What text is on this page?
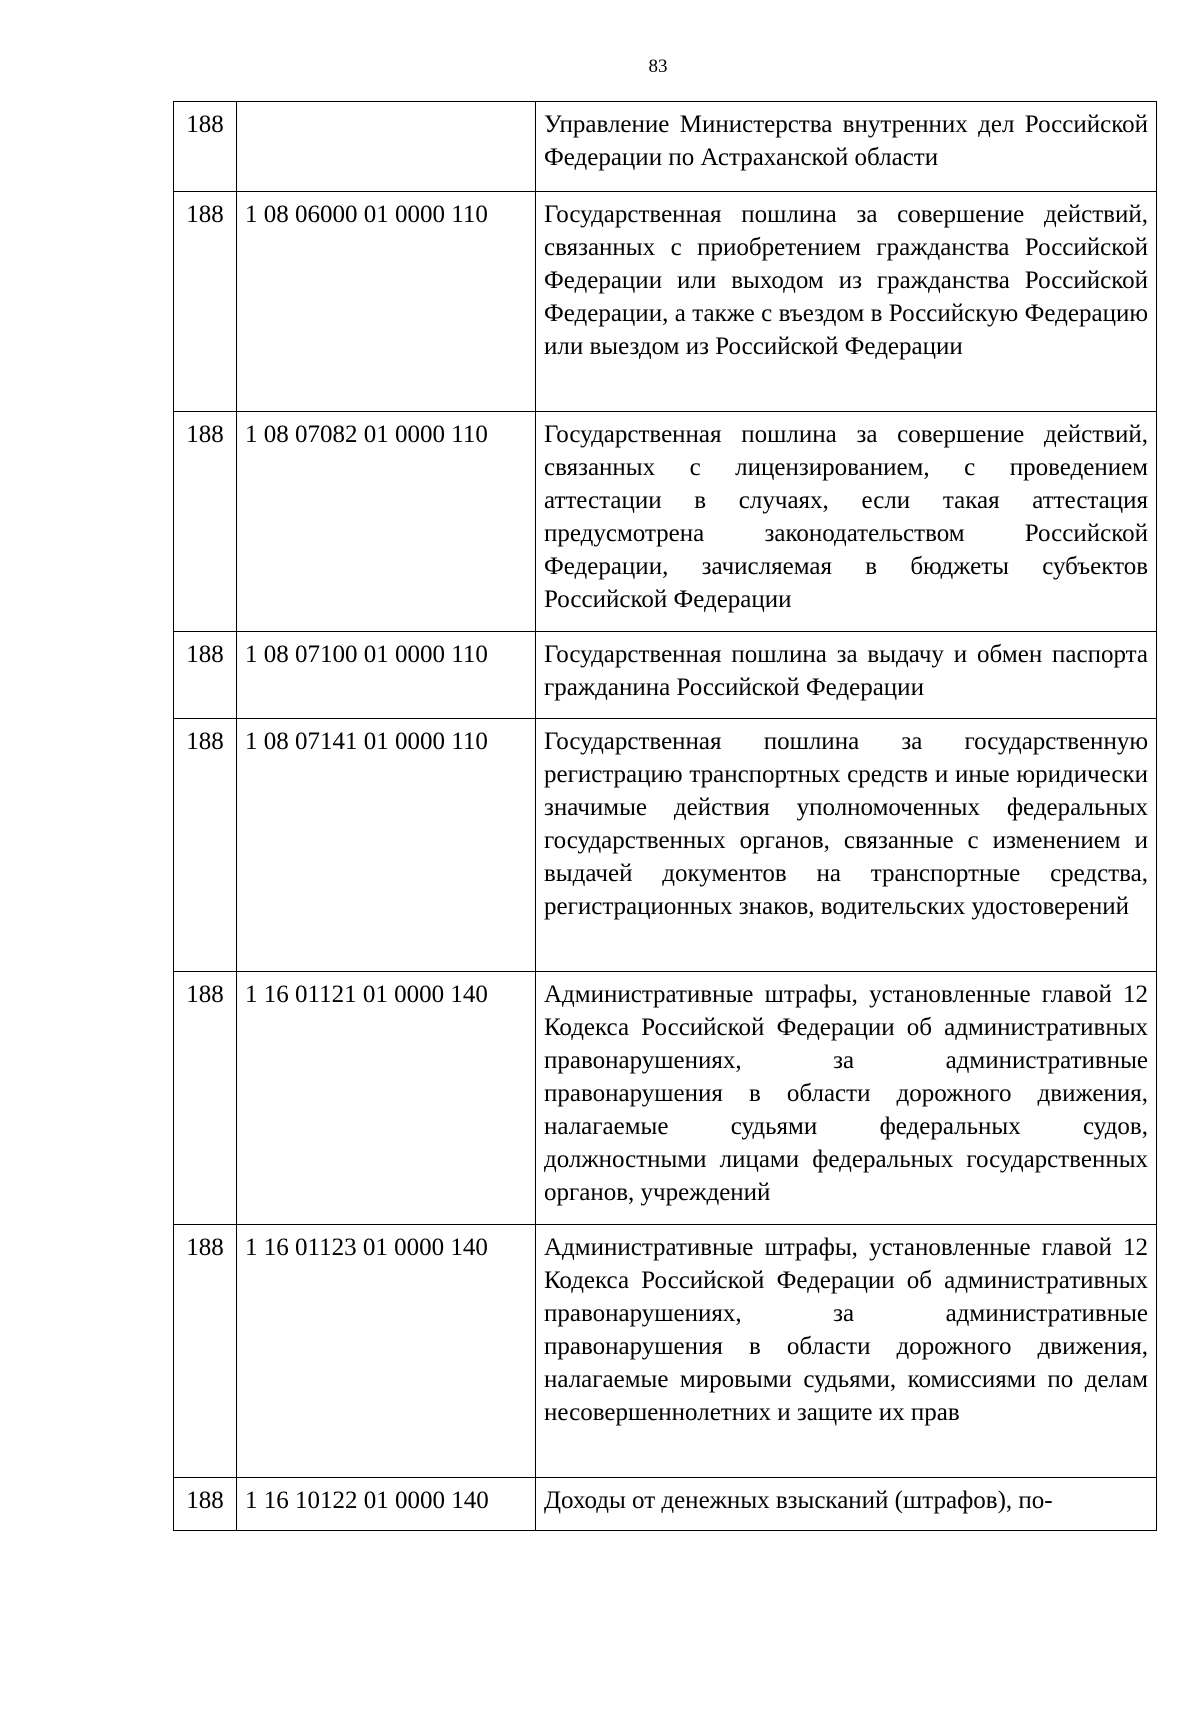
83
188		Управление Министерства внутренних дел Российской Федерации по Астраханской области
188	1 08 06000 01 0000 110	Государственная пошлина за совершение действий, связанных с приобретением гражданства Российской Федерации или выходом из гражданства Российской Федерации, а также с въездом в Российскую Федерацию или выездом из Российской Федерации
188	1 08 07082 01 0000 110	Государственная пошлина за совершение действий, связанных с лицензированием, с проведением аттестации в случаях, если такая аттестация предусмотрена законодательством Российской Федерации, зачисляемая в бюджеты субъектов Российской Федерации
188	1 08 07100 01 0000 110	Государственная пошлина за выдачу и обмен паспорта гражданина Российской Федерации
188	1 08 07141 01 0000 110	Государственная пошлина за государственную регистрацию транспортных средств и иные юридически значимые действия уполномоченных федеральных государственных органов, связанные с изменением и выдачей документов на транспортные средства, регистрационных знаков, водительских удостоверений
188	1 16 01121 01 0000 140	Административные штрафы, установленные главой 12 Кодекса Российской Федерации об административных правонарушениях, за административные правонарушения в области дорожного движения, налагаемые судьями федеральных судов, должностными лицами федеральных государственных органов, учреждений
188	1 16 01123 01 0000 140	Административные штрафы, установленные главой 12 Кодекса Российской Федерации об административных правонарушениях, за административные правонарушения в области дорожного движения, налагаемые мировыми судьями, комиссиями по делам несовершеннолетних и защите их прав
188	1 16 10122 01 0000 140	Доходы от денежных взысканий (штрафов), по-
